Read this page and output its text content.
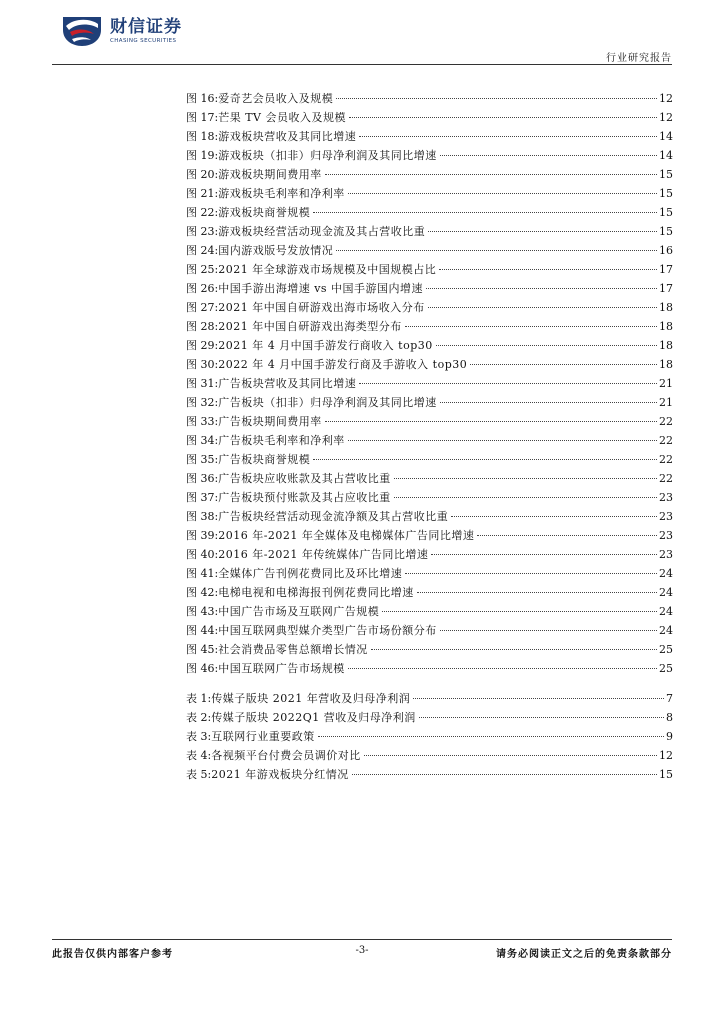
财信证券
CHASING SECURITIES
行业研究报告
图 16: 爱奇艺会员收入及规模	12
图 17: 芒果 TV 会员收入及规模	12
图 18: 游戏板块营收及其同比增速	14
图 19: 游戏板块（扣非）归母净利润及其同比增速	14
图 20: 游戏板块期间费用率	15
图 21: 游戏板块毛利率和净利率	15
图 22: 游戏板块商誉规模	15
图 23: 游戏板块经营活动现金流及其占营收比重	15
图 24: 国内游戏版号发放情况	16
图 25: 2021 年全球游戏市场规模及中国规模占比	17
图 26: 中国手游出海增速 vs 中国手游国内增速	17
图 27: 2021 年中国自研游戏出海市场收入分布	18
图 28: 2021 年中国自研游戏出海类型分布	18
图 29: 2021 年 4 月中国手游发行商收入 top30	18
图 30: 2022 年 4 月中国手游发行商及手游收入 top30	18
图 31: 广告板块营收及其同比增速	21
图 32: 广告板块（扣非）归母净利润及其同比增速	21
图 33: 广告板块期间费用率	22
图 34: 广告板块毛利率和净利率	22
图 35: 广告板块商誉规模	22
图 36: 广告板块应收账款及其占营收比重	22
图 37: 广告板块预付账款及其占应收比重	23
图 38: 广告板块经营活动现金流净额及其占营收比重	23
图 39: 2016 年-2021 年全媒体及电梯媒体广告同比增速	23
图 40: 2016 年-2021 年传统媒体广告同比增速	23
图 41: 全媒体广告刊例花费同比及环比增速	24
图 42: 电梯电视和电梯海报刊例花费同比增速	24
图 43: 中国广告市场及互联网广告规模	24
图 44: 中国互联网典型媒介类型广告市场份额分布	24
图 45: 社会消费品零售总额增长情况	25
图 46: 中国互联网广告市场规模	25
表 1: 传媒子版块 2021 年营收及归母净利润	7
表 2: 传媒子版块 2022Q1 营收及归母净利润	8
表 3: 互联网行业重要政策	9
表 4: 各视频平台付费会员调价对比	12
表 5: 2021 年游戏板块分红情况	15
此报告仅供内部客户参考	-3-	请务必阅读正文之后的免责条款部分
